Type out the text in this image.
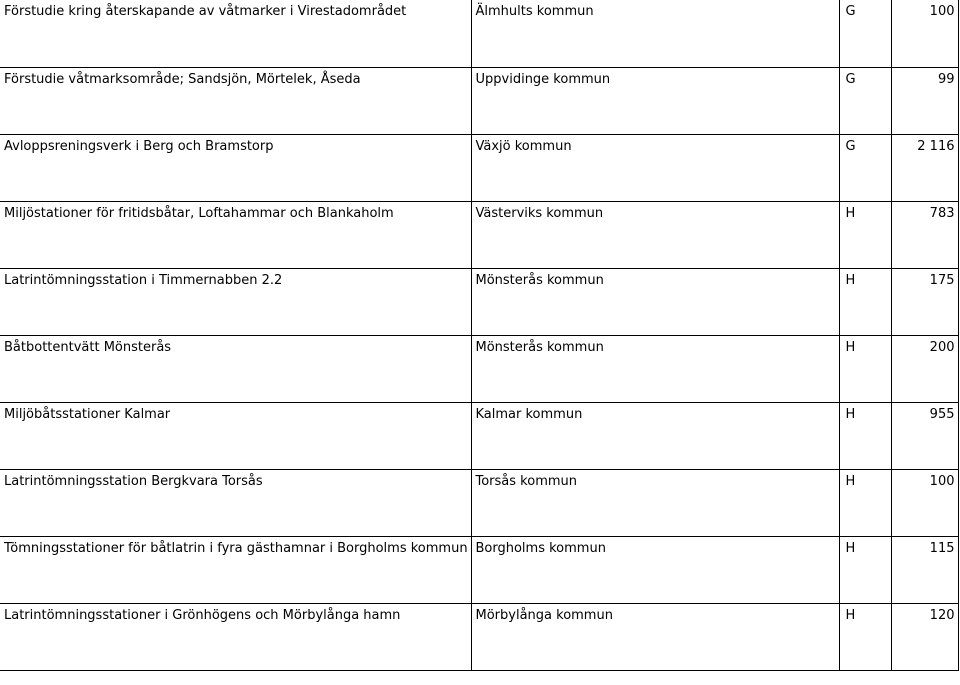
Förstudie kring återskapande av våtmarker i Virestadområdet	Älmhults kommun	G	100
Förstudie våtmarksområde; Sandsjön, Mörtelek, Åseda	Uppvidinge kommun	G	99
Avloppsreningsverk i Berg och Bramstorp	Växjö kommun	G	2 116
Miljöstationer för fritidsbåtar, Loftahammar och Blankaholm	Västerviks kommun	H	783
Latrintömningsstation i Timmernabben 2.2	Mönsterås kommun	H	175
Båtbottentvätt Mönsterås	Mönsterås kommun	H	200
Miljöbåtsstationer Kalmar	Kalmar kommun	H	955
Latrintömningsstation Bergkvara Torsås	Torsås kommun	H	100
Tömningsstationer för båtlatrin i fyra gästhamnar i Borgholms kommun	Borgholms kommun	H	115
Latrintömningsstationer i Grönhögens och Mörbylånga hamn	Mörbylånga kommun	H	120
